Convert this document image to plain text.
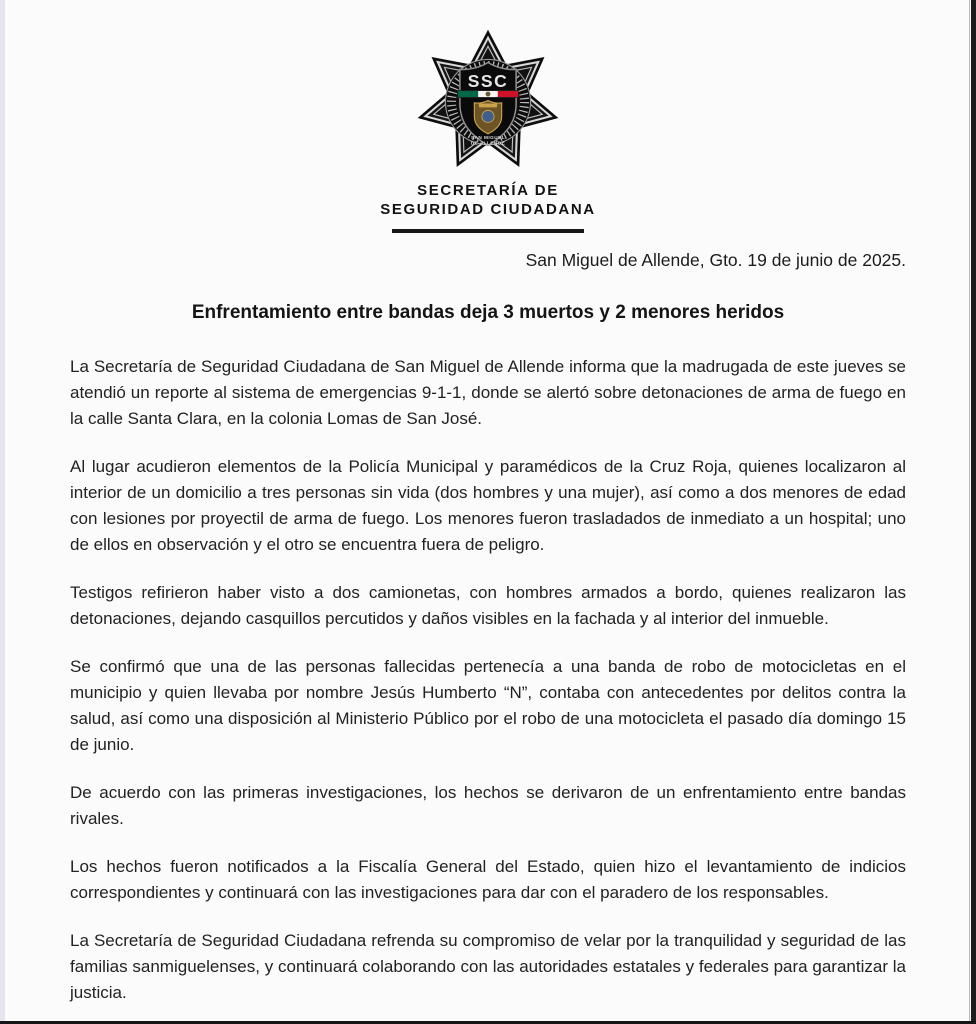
SSC
SAN MIGUEL
DE ALLENDE
SECRETARÍA DE
SEGURIDAD CIUDADANA
San Miguel de Allende, Gto. 19 de junio de 2025.
Enfrentamiento entre bandas deja 3 muertos y 2 menores heridos

La Secretaría de Seguridad Ciudadana de San Miguel de Allende informa que la madrugada de este jueves se atendió un reporte al sistema de emergencias 9-1-1, donde se alertó sobre detonaciones de arma de fuego en la calle Santa Clara, en la colonia Lomas de San José.

Al lugar acudieron elementos de la Policía Municipal y paramédicos de la Cruz Roja, quienes localizaron al interior de un domicilio a tres personas sin vida (dos hombres y una mujer), así como a dos menores de edad con lesiones por proyectil de arma de fuego. Los menores fueron trasladados de inmediato a un hospital; uno de ellos en observación y el otro se encuentra fuera de peligro.

Testigos refirieron haber visto a dos camionetas, con hombres armados a bordo, quienes realizaron las detonaciones, dejando casquillos percutidos y daños visibles en la fachada y al interior del inmueble.

Se confirmó que una de las personas fallecidas pertenecía a una banda de robo de motocicletas en el municipio y quien llevaba por nombre Jesús Humberto “N”, contaba con antecedentes por delitos contra la salud, así como una disposición al Ministerio Público por el robo de una motocicleta el pasado día domingo 15 de junio.

De acuerdo con las primeras investigaciones, los hechos se derivaron de un enfrentamiento entre bandas rivales.

Los hechos fueron notificados a la Fiscalía General del Estado, quien hizo el levantamiento de indicios correspondientes y continuará con las investigaciones para dar con el paradero de los responsables.

La Secretaría de Seguridad Ciudadana refrenda su compromiso de velar por la tranquilidad y seguridad de las familias sanmiguelenses, y continuará colaborando con las autoridades estatales y federales para garantizar la justicia.
